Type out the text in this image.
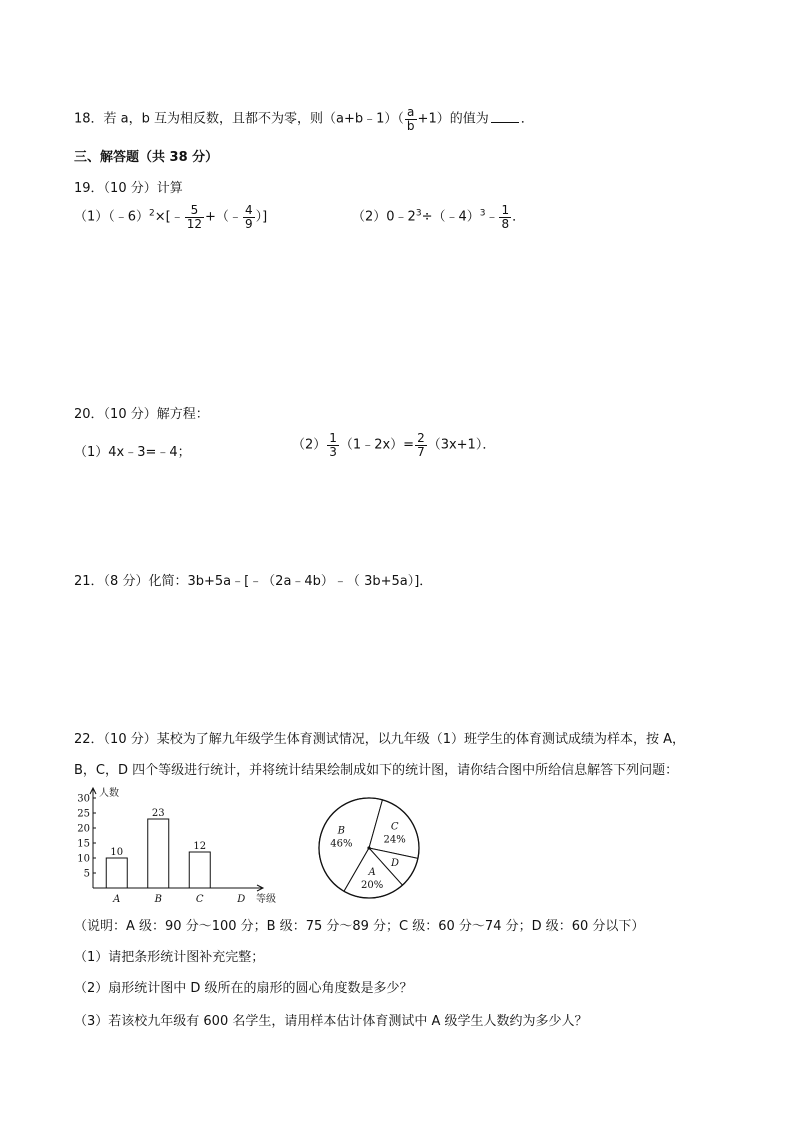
18．若 a，b 互为相反数，且都不为零，则（a+b﹣1）（ $\frac{a}{b} +1$）的值为 ．
三、解答题（共 38 分）
19．（10 分）计算
（1）（﹣6）$^2$×[﹣ $\frac{5}{12}$ +（﹣ $\frac{4}{9}$ ）]	$(2)0﹣2^3\div(﹣4)^3﹣ \frac{1}{8}$ ．
20．（10 分）解方程：
（1）4x﹣3=﹣4；	$(2) \frac{1}{3}$ （1﹣2x）= $\frac{2}{7} (3x+1)$．
21．（8 分）化简：3b+5a﹣[﹣（2a﹣4b）﹣（ 3b+5a）]．
22．（10 分）某校为了解九年级学生体育测试情况，以九年级（1）班学生的体育测试成绩为样本，按 A，
B，C，D 四个等级进行统计，并将统计结果绘制成如下的统计图，请你结合图中所给信息解答下列问题：
人数
等级
5
10
15
20
25
30
10
A
23
B
12
C	D
B
46%
C
24%
D
A
20%
（说明：A 级：90 分～100 分；B 级：75 分～89 分；C 级：60 分～74 分；D 级：60 分以下）
（1）请把条形统计图补充完整；
（2）扇形统计图中 D 级所在的扇形的圆心角度数是多少？
（3）若该校九年级有 600 名学生，请用样本估计体育测试中 A 级学生人数约为多少人？
